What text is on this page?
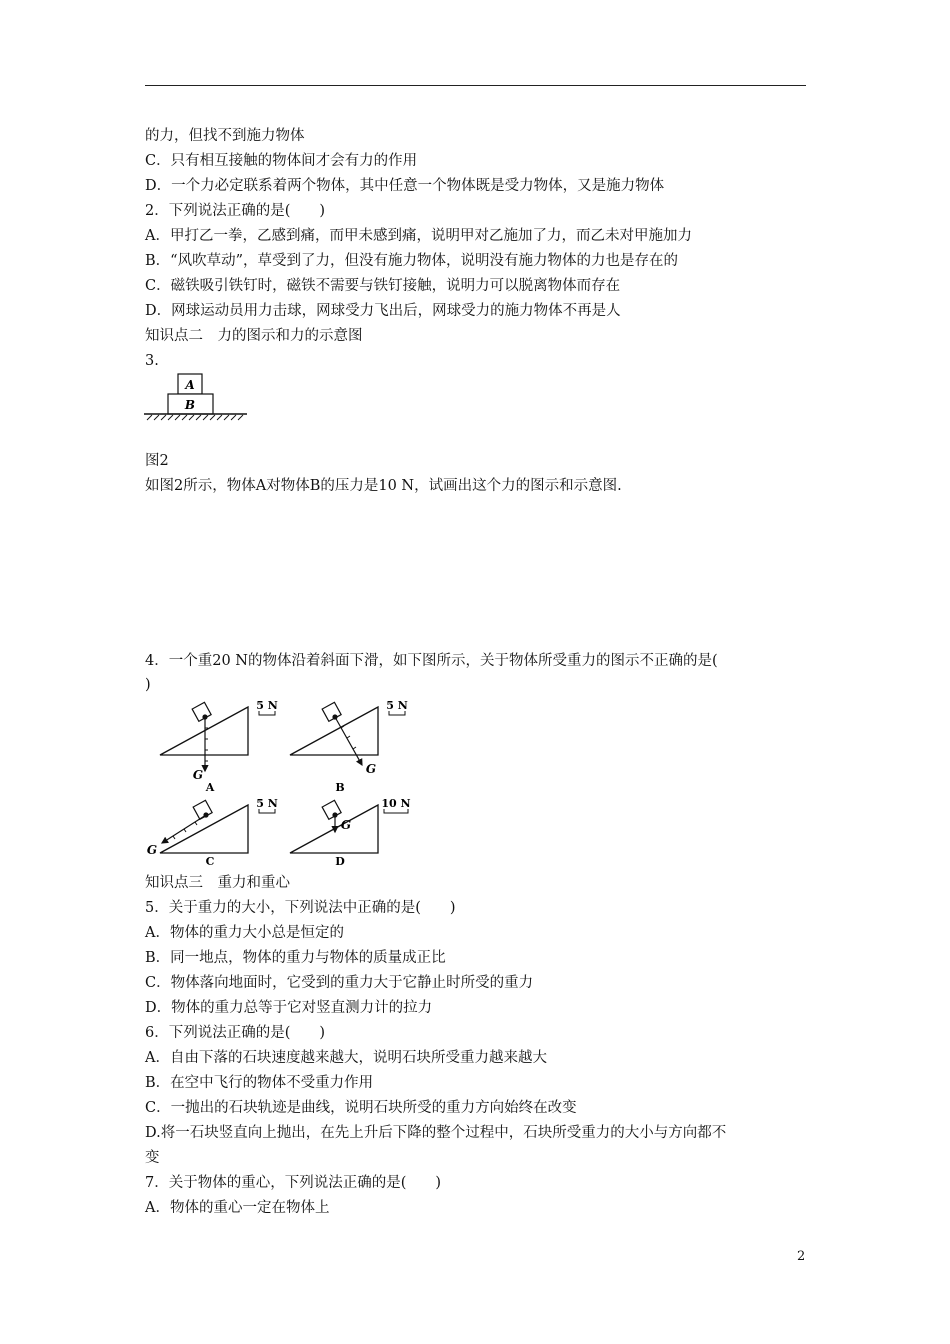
的力，但找不到施力物体
C．只有相互接触的物体间才会有力的作用
D．一个力必定联系着两个物体，其中任意一个物体既是受力物体，又是施力物体
2．下列说法正确的是(　　)
A．甲打乙一拳，乙感到痛，而甲未感到痛，说明甲对乙施加了力，而乙未对甲施加力
B．“风吹草动”，草受到了力，但没有施力物体，说明没有施力物体的力也是存在的
C．磁铁吸引铁钉时，磁铁不需要与铁钉接触，说明力可以脱离物体而存在
D．网球运动员用力击球，网球受力飞出后，网球受力的施力物体不再是人
知识点二　力的图示和力的示意图
3.
A
B
图2
如图2所示，物体A对物体B的压力是10 N，试画出这个力的图示和示意图.
4．一个重20 N的物体沿着斜面下滑，如下图所示，关于物体所受重力的图示不正确的是(
)
G
5 N
A
G
5 N
B
G
5 N
C
G
10 N
D
知识点三　重力和重心
5．关于重力的大小，下列说法中正确的是(　　)
A．物体的重力大小总是恒定的
B．同一地点，物体的重力与物体的质量成正比
C．物体落向地面时，它受到的重力大于它静止时所受的重力
D．物体的重力总等于它对竖直测力计的拉力
6．下列说法正确的是(　　)
A．自由下落的石块速度越来越大，说明石块所受重力越来越大
B．在空中飞行的物体不受重力作用
C．一抛出的石块轨迹是曲线，说明石块所受的重力方向始终在改变
D.将一石块竖直向上抛出，在先上升后下降的整个过程中，石块所受重力的大小与方向都不
变
7．关于物体的重心，下列说法正确的是(　　)
A．物体的重心一定在物体上
2
